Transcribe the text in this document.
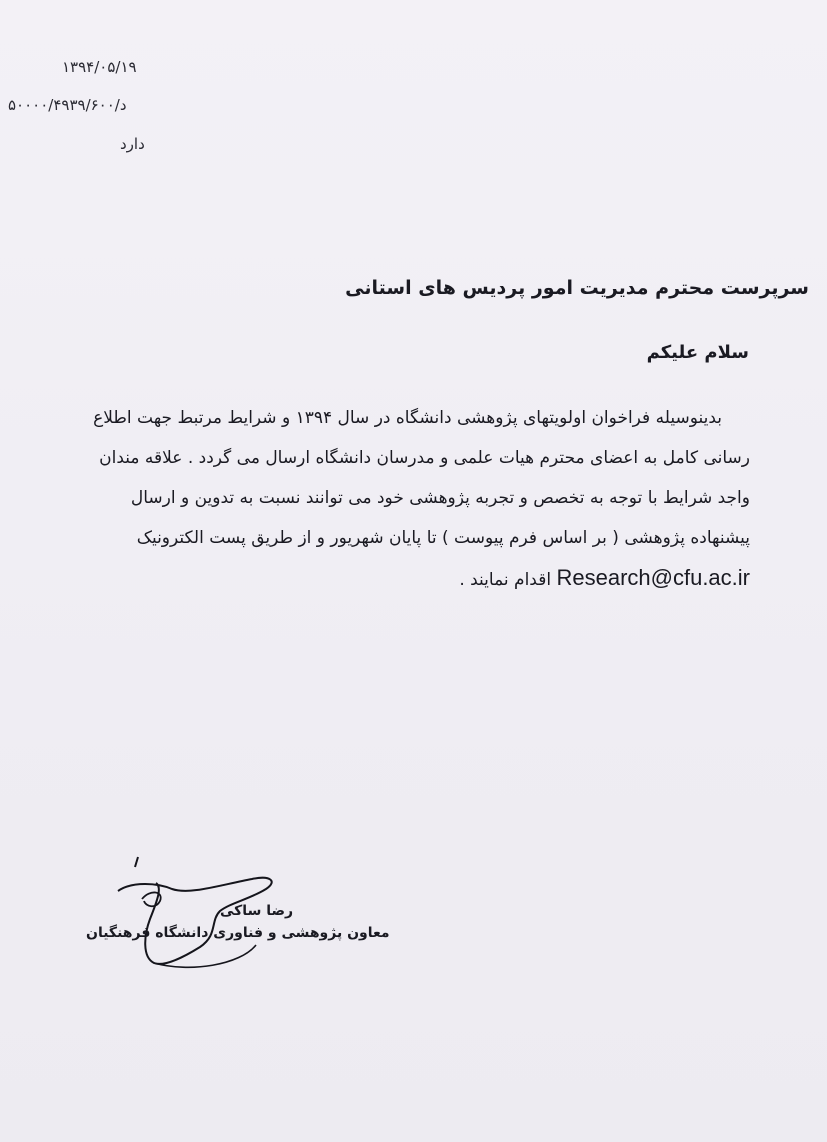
۱۳۹۴/۰۵/۱۹
د/۵۰۰۰۰/۴۹۳۹/۶۰۰
دارد
سرپرست محترم مدیریت امور پردیس های استانی
سلام علیکم
بدینوسیله فراخوان اولویتهای پژوهشی دانشگاه در سال ۱۳۹۴ و شرایط مرتبط جهت اطلاع
رسانی کامل به اعضای محترم هیات علمی و مدرسان دانشگاه ارسال می گردد . علاقه مندان
واجد شرایط با توجه به تخصص و تجربه پژوهشی خود می توانند نسبت به تدوین و ارسال
پیشنهاده پژوهشی ( بر اساس فرم پیوست ) تا پایان شهریور و از طریق پست الکترونیک
Research@cfu.ac.ir اقدام نمایند .
رضا ساکی
معاون پژوهشی و فناوری دانشگاه فرهنگیان
